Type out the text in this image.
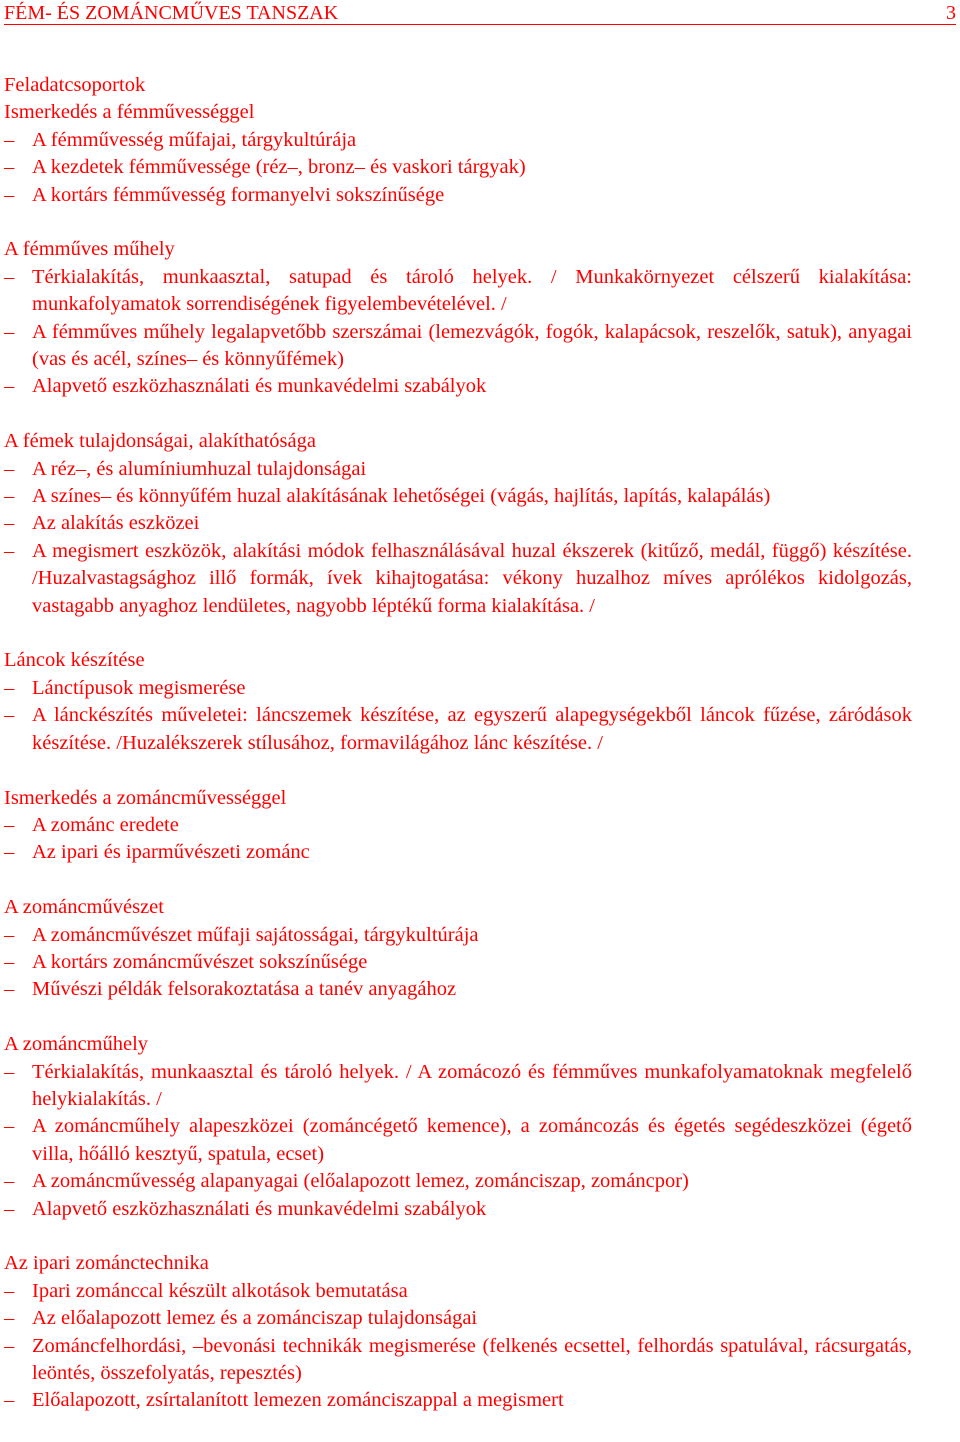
FÉM- ÉS ZOMÁNCMŰVES TANSZAK	3
Feladatcsoportok
Ismerkedés a fémművességgel
– A fémművesség műfajai, tárgykultúrája
– A kezdetek fémművessége (réz–, bronz– és vaskori tárgyak)
– A kortárs fémművesség formanyelvi sokszínűsége
A fémműves műhely
– Térkialakítás, munkaasztal, satupad és tároló helyek. / Munkakörnyezet célszerű kialakítása: munkafolyamatok sorrendiségének figyelembevételével. /
– A fémműves műhely legalapvetőbb szerszámai (lemezvágók, fogók, kalapácsok, reszelők, satuk), anyagai (vas és acél, színes– és könnyűfémek)
– Alapvető eszközhasználati és munkavédelmi szabályok
A fémek tulajdonságai, alakíthatósága
– A réz–, és alumíniumhuzal tulajdonságai
– A színes– és könnyűfém huzal alakításának lehetőségei (vágás, hajlítás, lapítás, kalapálás)
– Az alakítás eszközei
– A megismert eszközök, alakítási módok felhasználásával huzal ékszerek (kitűző, medál, függő) készítése. /Huzalvastagsághoz illő formák, ívek kihajtogatása: vékony huzalhoz míves aprólékos kidolgozás, vastagabb anyaghoz lendületes, nagyobb léptékű forma kialakítása. /
Láncok készítése
– Lánctípusok megismerése
– A lánckészítés műveletei: láncszemek készítése, az egyszerű alapegységekből láncok fűzése, záródások készítése. /Huzalékszerek stílusához, formavilágához lánc készítése. /
Ismerkedés a zománcművességgel
– A zománc eredete
– Az ipari és iparművészeti zománc
A zománcművészet
– A zománcművészet műfaji sajátosságai, tárgykultúrája
– A kortárs zománcművészet sokszínűsége
– Művészi példák felsorakoztatása a tanév anyagához
A zománcműhely
– Térkialakítás, munkaasztal és tároló helyek. / A zomácozó és fémműves munkafolyamatoknak megfelelő helykialakítás. /
– A zománcműhely alapeszközei (zománcégető kemence), a zománcozás és égetés segédeszközei (égető villa, hőálló kesztyű, spatula, ecset)
– A zománcművesség alapanyagai (előalapozott lemez, zománciszap, zománcpor)
– Alapvető eszközhasználati és munkavédelmi szabályok
Az ipari zománctechnika
– Ipari zománccal készült alkotások bemutatása
– Az előalapozott lemez és a zománciszap tulajdonságai
– Zománcfelhordási, –bevonási technikák megismerése (felkenés ecsettel, felhordás spatulával, rácsurgatás, leöntés, összefolyatás, repesztés)
– Előalapozott, zsírtalanított lemezen zománciszappal a megismert
